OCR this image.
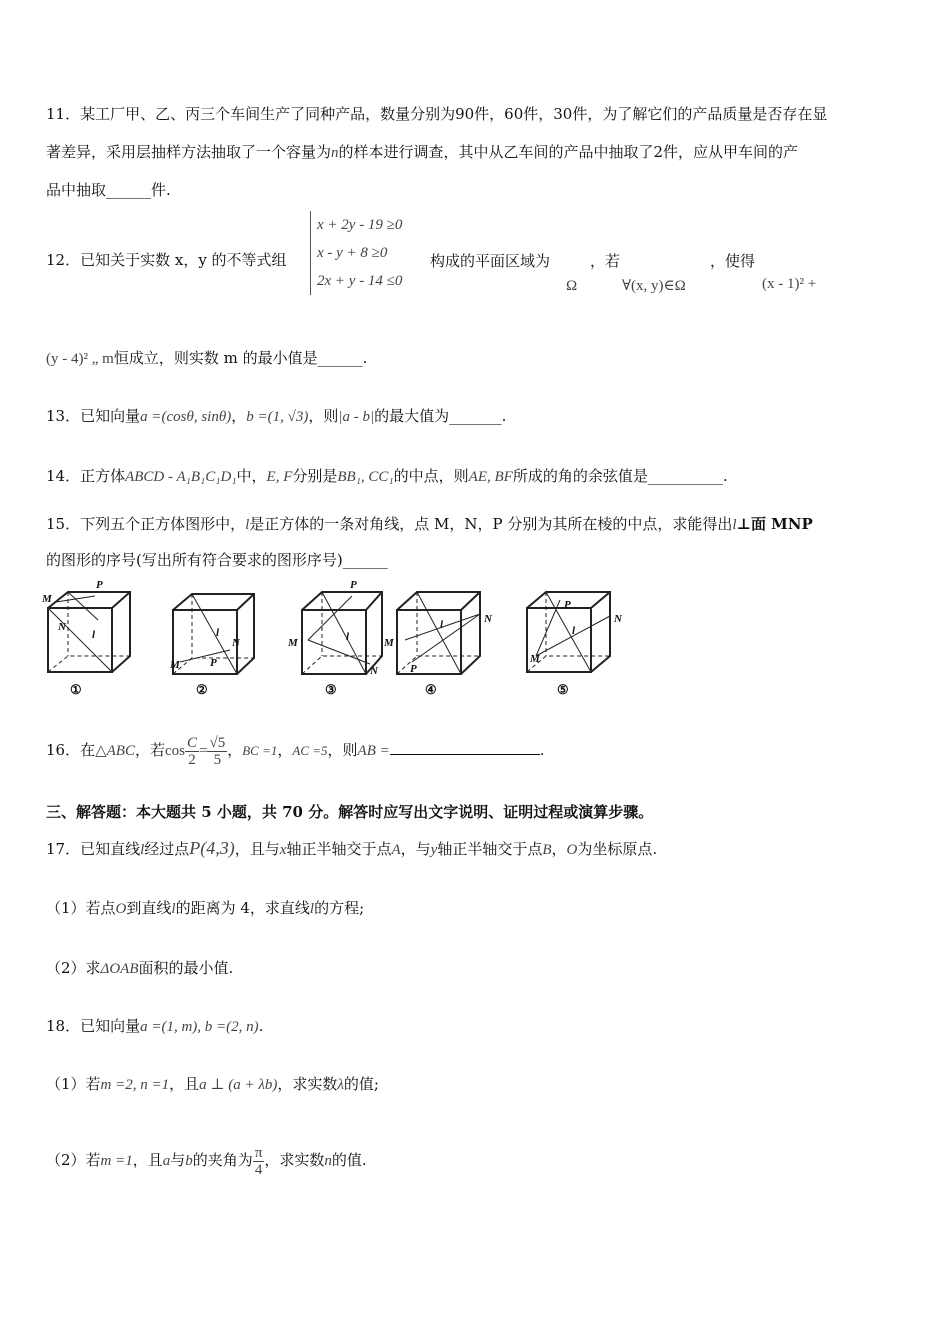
11．某工厂甲、乙、丙三个车间生产了同种产品，数量分别为90件，60件，30件，为了解它们的产品质量是否存在显
著差异，采用层抽样方法抽取了一个容量为n的样本进行调查，其中从乙车间的产品中抽取了2件，应从甲车间的产
品中抽取______件.
12．已知关于实数 x，y 的不等式组
x + 2y - 19 ≥0
x - y + 8 ≥0
2x + y - 14 ≤0
构成的平面区域为	，若	，使得
Ω	∀(x, y)∈Ω	(x - 1)² +
(y - 4)² „ m恒成立，则实数 m 的最小值是______.
13．已知向量a =(cosθ, sinθ)，b =(1, √3)，则|a - b|的最大值为_______.
14．正方体ABCD - A₁B₁C₁D₁中，E, F分别是BB₁, CC₁的中点，则AE, BF所成的角的余弦值是__________.
15．下列五个正方体图形中，l是正方体的一条对角线，点 M，N，P 分别为其所在棱的中点，求能得出l⊥面 MNP
的图形的序号(写出所有符合要求的图形序号)______
M
P
N
l
M
N
P
l
M
P
N
l	M
N
P
l
M
N
P
l
①	②	③	④	⑤
16．在△ABC，若$\cos \frac{C}{2} = \frac{√5}{5}$ ，BC =1，AC =5，则AB =	.
三、解答题：本大题共 5 小题，共 70 分。解答时应写出文字说明、证明过程或演算步骤。
17．已知直线l经过点P(4,3)，且与x轴正半轴交于点A，与y轴正半轴交于点B，O为坐标原点.
（1）若点O到直线l的距离为 4，求直线l的方程;
（2）求ΔOAB面积的最小值.
18．已知向量a =(1, m), b =(2, n).
（1）若m =2, n =1，且a ⊥ (a + λb)，求实数λ的值;
（2）若m =1，且a与b的夹角为 $\frac{\pi}{4}$ ，求实数n的值.
